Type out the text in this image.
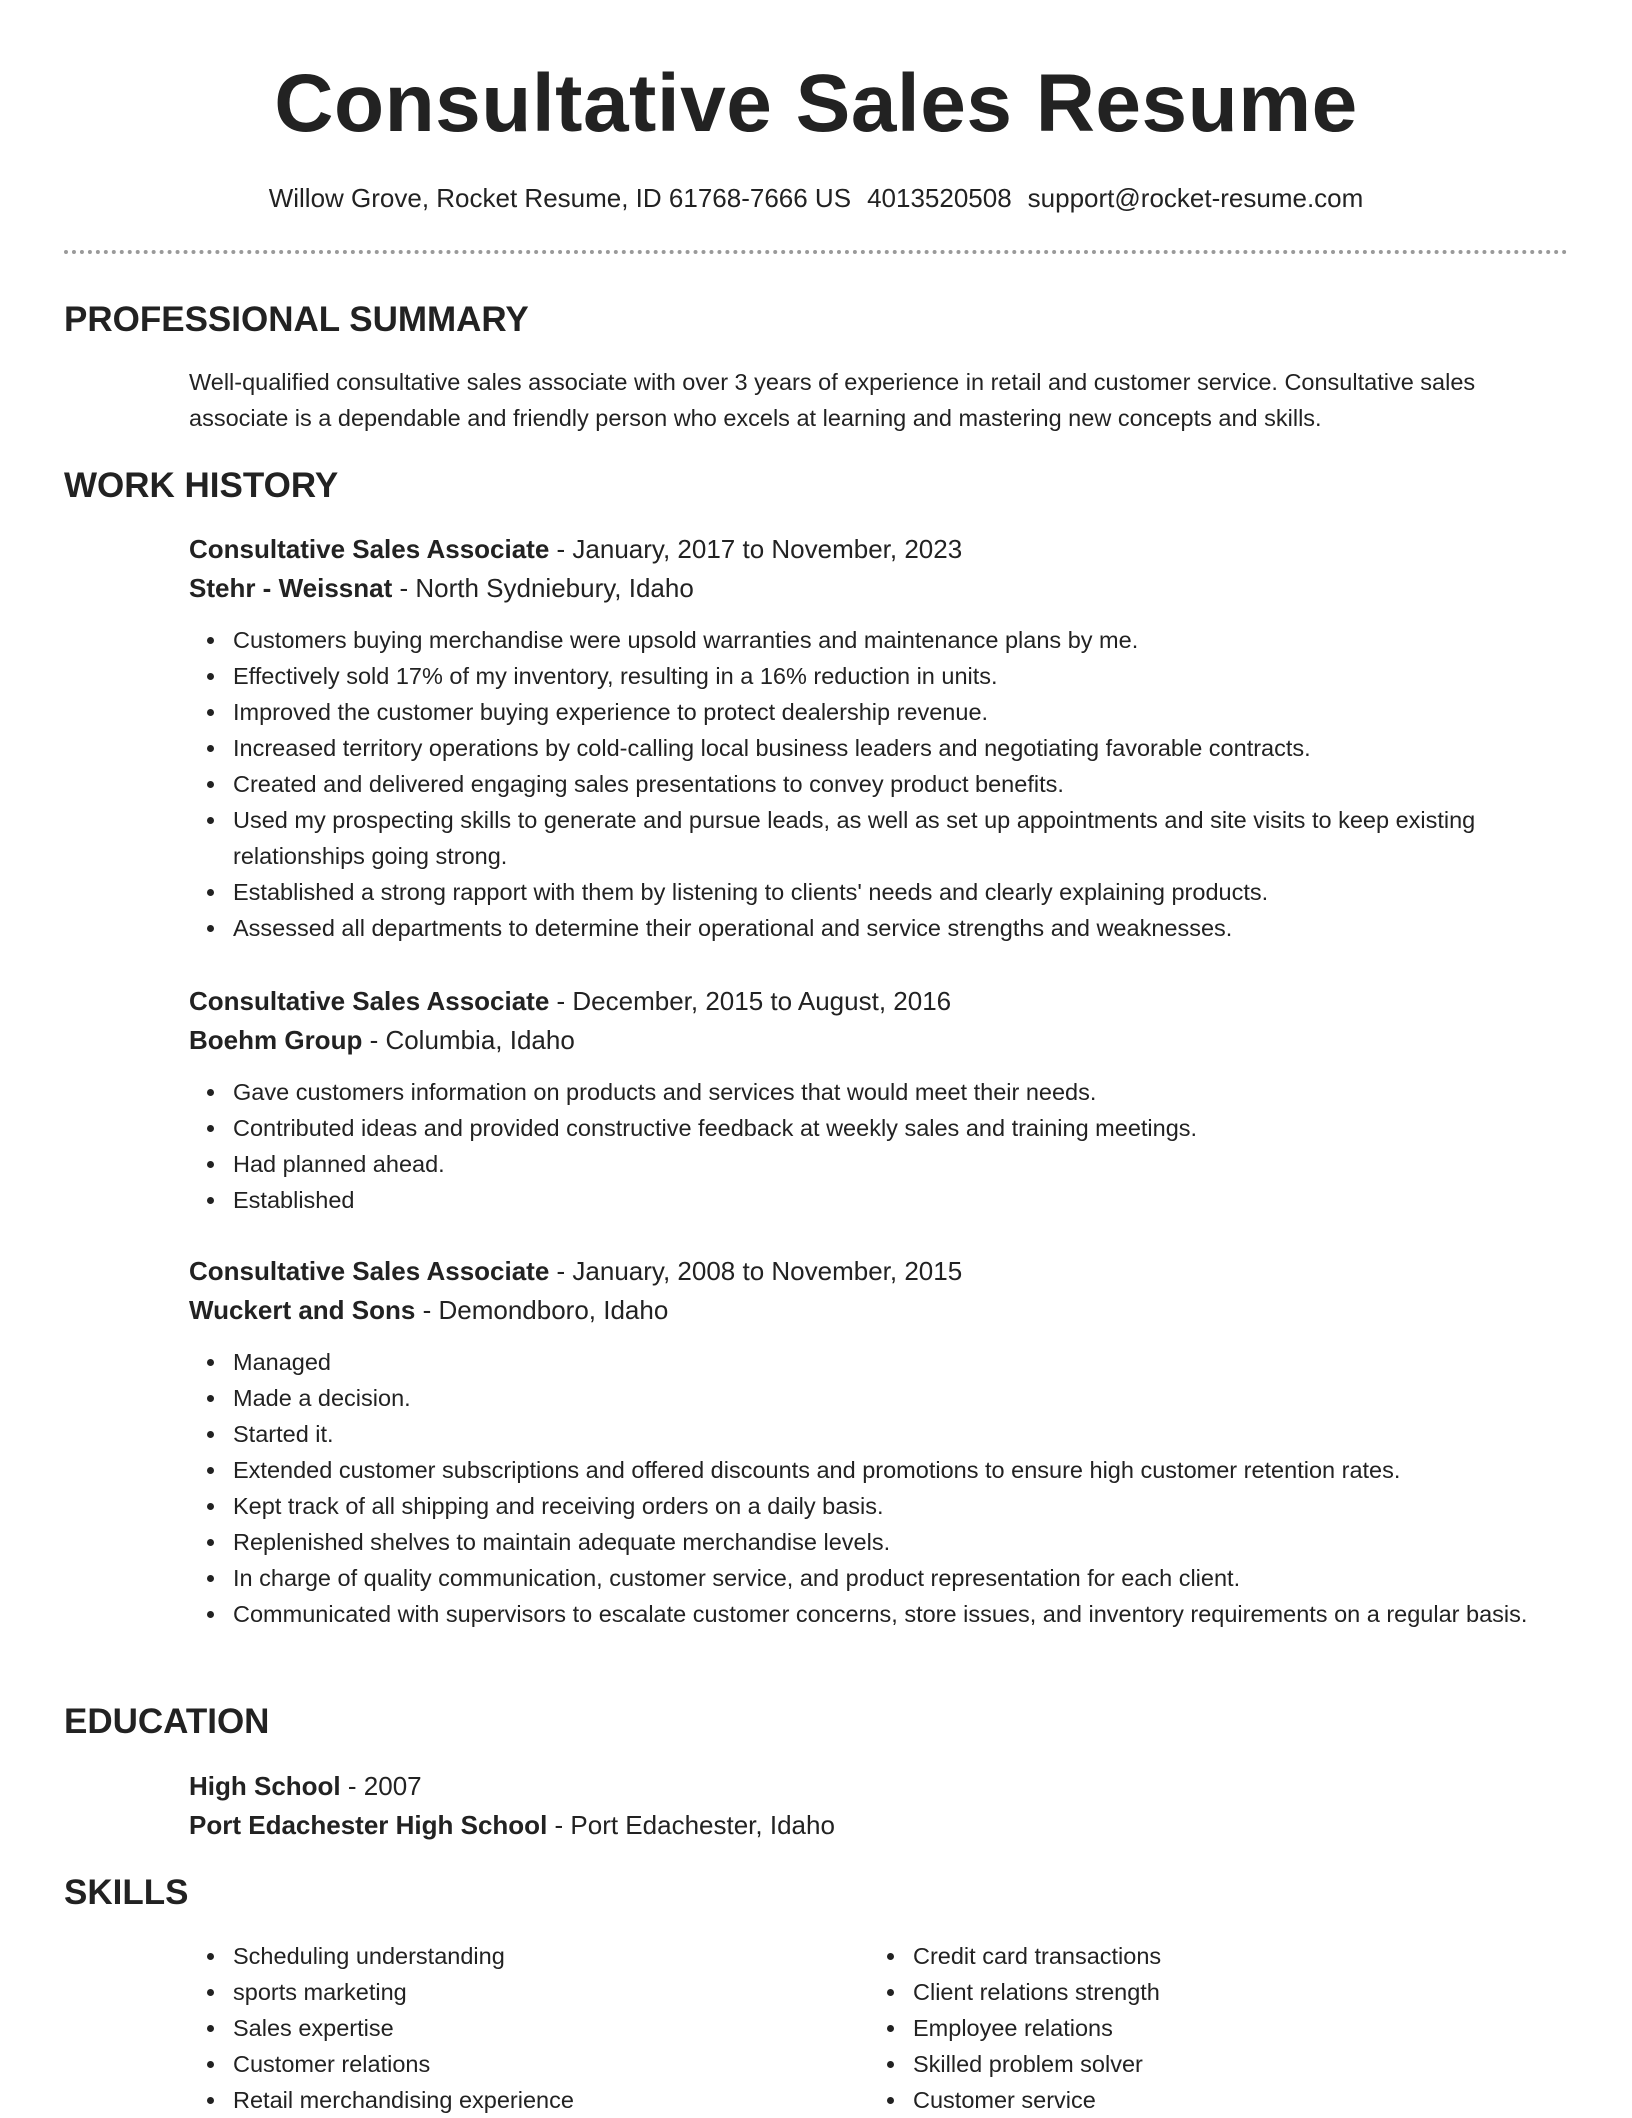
Consultative Sales Resume
Willow Grove, Rocket Resume, ID 61768-7666 US 4013520508 support@rocket-resume.com
PROFESSIONAL SUMMARY
Well-qualified consultative sales associate with over 3 years of experience in retail and customer service. Consultative sales associate is a dependable and friendly person who excels at learning and mastering new concepts and skills.
WORK HISTORY
Consultative Sales Associate - January, 2017 to November, 2023
Stehr - Weissnat - North Sydniebury, Idaho
Customers buying merchandise were upsold warranties and maintenance plans by me.
Effectively sold 17% of my inventory, resulting in a 16% reduction in units.
Improved the customer buying experience to protect dealership revenue.
Increased territory operations by cold-calling local business leaders and negotiating favorable contracts.
Created and delivered engaging sales presentations to convey product benefits.
Used my prospecting skills to generate and pursue leads, as well as set up appointments and site visits to keep existing relationships going strong.
Established a strong rapport with them by listening to clients' needs and clearly explaining products.
Assessed all departments to determine their operational and service strengths and weaknesses.
Consultative Sales Associate - December, 2015 to August, 2016
Boehm Group - Columbia, Idaho
Gave customers information on products and services that would meet their needs.
Contributed ideas and provided constructive feedback at weekly sales and training meetings.
Had planned ahead.
Established
Consultative Sales Associate - January, 2008 to November, 2015
Wuckert and Sons - Demondboro, Idaho
Managed
Made a decision.
Started it.
Extended customer subscriptions and offered discounts and promotions to ensure high customer retention rates.
Kept track of all shipping and receiving orders on a daily basis.
Replenished shelves to maintain adequate merchandise levels.
In charge of quality communication, customer service, and product representation for each client.
Communicated with supervisors to escalate customer concerns, store issues, and inventory requirements on a regular basis.
EDUCATION
High School - 2007
Port Edachester High School - Port Edachester, Idaho
SKILLS
Scheduling understanding
sports marketing
Sales expertise
Customer relations
Retail merchandising experience
Credit card transactions
Client relations strength
Employee relations
Skilled problem solver
Customer service
